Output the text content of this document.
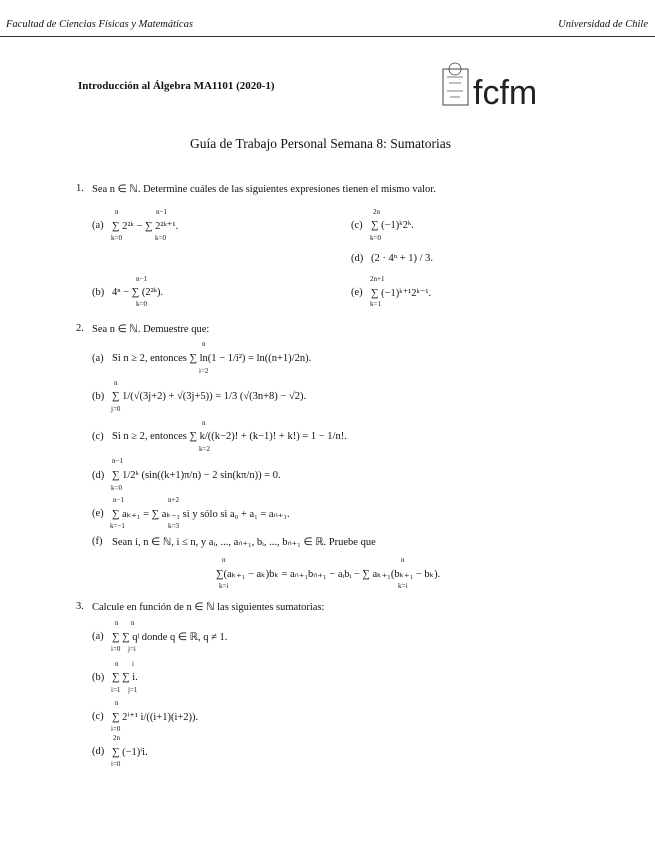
Facultad de Ciencias Físicas y Matemáticas	Universidad de Chile
Introducción al Álgebra MA1101 (2020-1)	fcfm
Guía de Trabajo Personal Semana 8: Sumatorias
1. Sea n ∈ ℕ. Determine cuáles de las siguientes expresiones tienen el mismo valor.
(a) ∑ 2²ᵏ − ∑ 2²ᵏ⁺¹.
n
k=0
n−1
k=0
(b) 4ⁿ − ∑ (2²ᵏ).
n−1
k=0
(c) ∑ (−1)ᵏ2ᵏ.
2n
k=0
(d) (2 · 4ⁿ + 1) / 3.
(e) ∑ (−1)ᵏ⁺¹2ᵏ⁻¹.
2n+1
k=1
2. Sea n ∈ ℕ. Demuestre que:
(a) Si n ≥ 2, entonces ∑ ln(1 − 1/i²) = ln((n+1)/2n).
n
i=2
(b) ∑ 1/(√(3j+2) + √(3j+5)) = 1/3 (√(3n+8) − √2).
n
j=0
(c) Si n ≥ 2, entonces ∑ k/((k−2)! + (k−1)! + k!) = 1 − 1/n!.
n
k=2
(d) ∑ 1/2ᵏ (sin((k+1)π/n) − 2 sin(kπ/n)) = 0.
n−1
k=0
(e) ∑ aₖ₊₁ = ∑ aₖ₋₁ si y sólo si a₀ + a₁ = aₙ₊₁.
n−1
k=−1
n+2
k=3
(f) Sean i, n ∈ ℕ, i ≤ n, y aᵢ, ..., aₙ₊₁, bᵢ, ..., bₙ₊₁ ∈ ℝ. Pruebe que
∑(aₖ₊₁ − aₖ)bₖ = aₙ₊₁bₙ₊₁ − aᵢbᵢ − ∑ aₖ₊₁(bₖ₊₁ − bₖ).
n
k=i
n
k=i
3. Calcule en función de n ∈ ℕ las siguientes sumatorias:
(a) ∑ ∑ qʲ donde q ∈ ℝ, q ≠ 1.
n
i=0
n
j=i
(b) ∑ ∑ i.
n
i=1
i
j=1
(c) ∑ 2ⁱ⁺¹ i/((i+1)(i+2)).
n
i=0
(d) ∑ (−1)ⁱi.
2n
i=0
